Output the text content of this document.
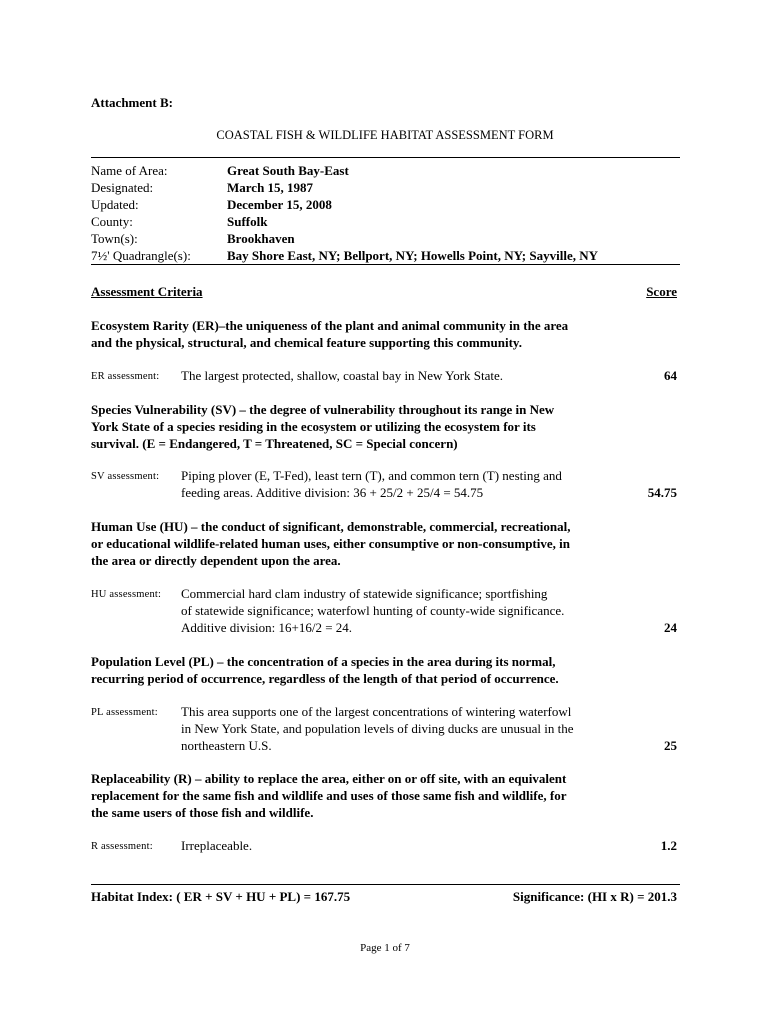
Attachment B:
COASTAL FISH & WILDLIFE HABITAT ASSESSMENT FORM
Name of Area:	Great South Bay-East
Designated:	March 15, 1987
Updated:	December 15, 2008
County:	Suffolk
Town(s):	Brookhaven
7½' Quadrangle(s):	Bay Shore East, NY; Bellport, NY; Howells Point, NY; Sayville, NY
Assessment Criteria	Score
Ecosystem Rarity (ER)–the uniqueness of the plant and animal community in the area
and the physical, structural, and chemical feature supporting this community.
ER assessment: The largest protected, shallow, coastal bay in New York State.	64
Species Vulnerability (SV) – the degree of vulnerability throughout its range in New
York State of a species residing in the ecosystem or utilizing the ecosystem for its
survival. (E = Endangered, T = Threatened, SC = Special concern)
SV assessment: Piping plover (E, T-Fed), least tern (T), and common tern (T) nesting and
feeding areas. Additive division: 36 + 25/2 + 25/4 = 54.75	54.75
Human Use (HU) – the conduct of significant, demonstrable, commercial, recreational,
or educational wildlife-related human uses, either consumptive or non-consumptive, in
the area or directly dependent upon the area.
HU assessment: Commercial hard clam industry of statewide significance; sportfishing
of statewide significance; waterfowl hunting of county-wide significance.
Additive division: 16+16/2 = 24.	24
Population Level (PL) – the concentration of a species in the area during its normal,
recurring period of occurrence, regardless of the length of that period of occurrence.
PL assessment: This area supports one of the largest concentrations of wintering waterfowl
in New York State, and population levels of diving ducks are unusual in the
northeastern U.S.	25
Replaceability (R) – ability to replace the area, either on or off site, with an equivalent
replacement for the same fish and wildlife and uses of those same fish and wildlife, for
the same users of those fish and wildlife.
R assessment: Irreplaceable.	1.2
Habitat Index: ( ER + SV + HU + PL) = 167.75	Significance: (HI x R) = 201.3
Page 1 of 7
